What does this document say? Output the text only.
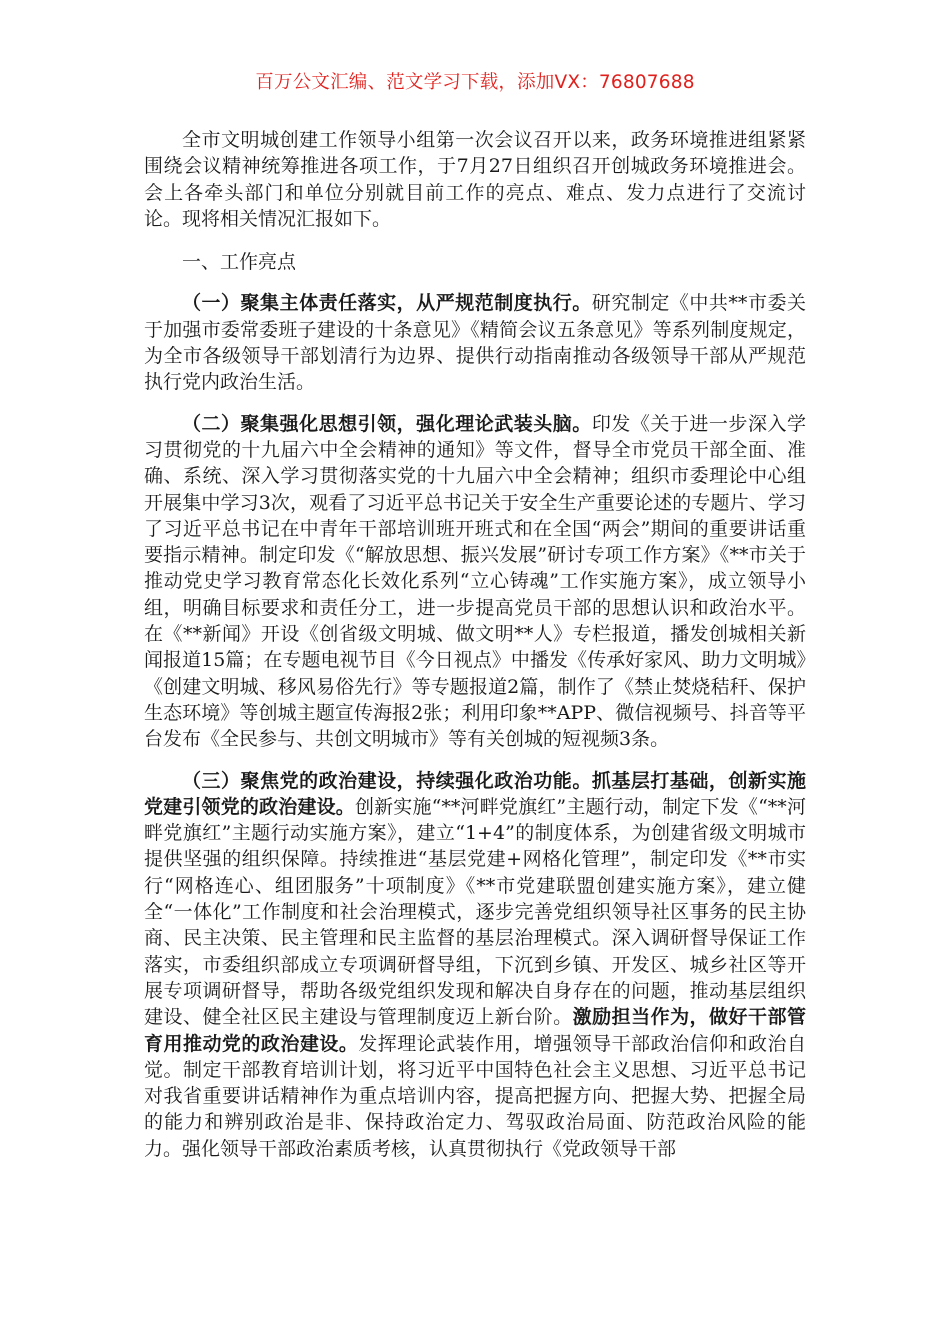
百万公文汇编、范文学习下载，添加VX：76807688

全市文明城创建工作领导小组第一次会议召开以来，政务环境推进组紧紧围绕会议精神统筹推进各项工作，于7月27日组织召开创城政务环境推进会。会上各牵头部门和单位分别就目前工作的亮点、难点、发力点进行了交流讨论。现将相关情况汇报如下。

一、工作亮点

（一）聚集主体责任落实，从严规范制度执行。研究制定《中共**市委关于加强市委常委班子建设的十条意见》《精简会议五条意见》等系列制度规定，为全市各级领导干部划清行为边界、提供行动指南推动各级领导干部从严规范执行党内政治生活。

（二）聚集强化思想引领，强化理论武装头脑。印发《关于进一步深入学习贯彻党的十九届六中全会精神的通知》等文件，督导全市党员干部全面、准确、系统、深入学习贯彻落实党的十九届六中全会精神；组织市委理论中心组开展集中学习3次，观看了习近平总书记关于安全生产重要论述的专题片、学习了习近平总书记在中青年干部培训班开班式和在全国“两会”期间的重要讲话重要指示精神。制定印发《“解放思想、振兴发展”研讨专项工作方案》《**市关于推动党史学习教育常态化长效化系列“立心铸魂”工作实施方案》，成立领导小组，明确目标要求和责任分工，进一步提高党员干部的思想认识和政治水平。在《**新闻》开设《创省级文明城、做文明**人》专栏报道，播发创城相关新闻报道15篇；在专题电视节目《今日视点》中播发《传承好家风、助力文明城》《创建文明城、移风易俗先行》等专题报道2篇，制作了《禁止焚烧秸秆、保护生态环境》等创城主题宣传海报2张；利用印象**APP、微信视频号、抖音等平台发布《全民参与、共创文明城市》等有关创城的短视频3条。

（三）聚焦党的政治建设，持续强化政治功能。抓基层打基础，创新实施党建引领党的政治建设。创新实施“**河畔党旗红”主题行动，制定下发《“**河畔党旗红”主题行动实施方案》，建立“1+4”的制度体系，为创建省级文明城市提供坚强的组织保障。持续推进“基层党建+网格化管理”，制定印发《**市实行“网格连心、组团服务”十项制度》《**市党建联盟创建实施方案》，建立健全“一体化”工作制度和社会治理模式，逐步完善党组织领导社区事务的民主协商、民主决策、民主管理和民主监督的基层治理模式。深入调研督导保证工作落实，市委组织部成立专项调研督导组，下沉到乡镇、开发区、城乡社区等开展专项调研督导，帮助各级党组织发现和解决自身存在的问题，推动基层组织建设、健全社区民主建设与管理制度迈上新台阶。激励担当作为，做好干部管育用推动党的政治建设。发挥理论武装作用，增强领导干部政治信仰和政治自觉。制定干部教育培训计划，将习近平中国特色社会主义思想、习近平总书记对我省重要讲话精神作为重点培训内容，提高把握方向、把握大势、把握全局的能力和辨别政治是非、保持政治定力、驾驭政治局面、防范政治风险的能力。强化领导干部政治素质考核，认真贯彻执行《党政领导干部
